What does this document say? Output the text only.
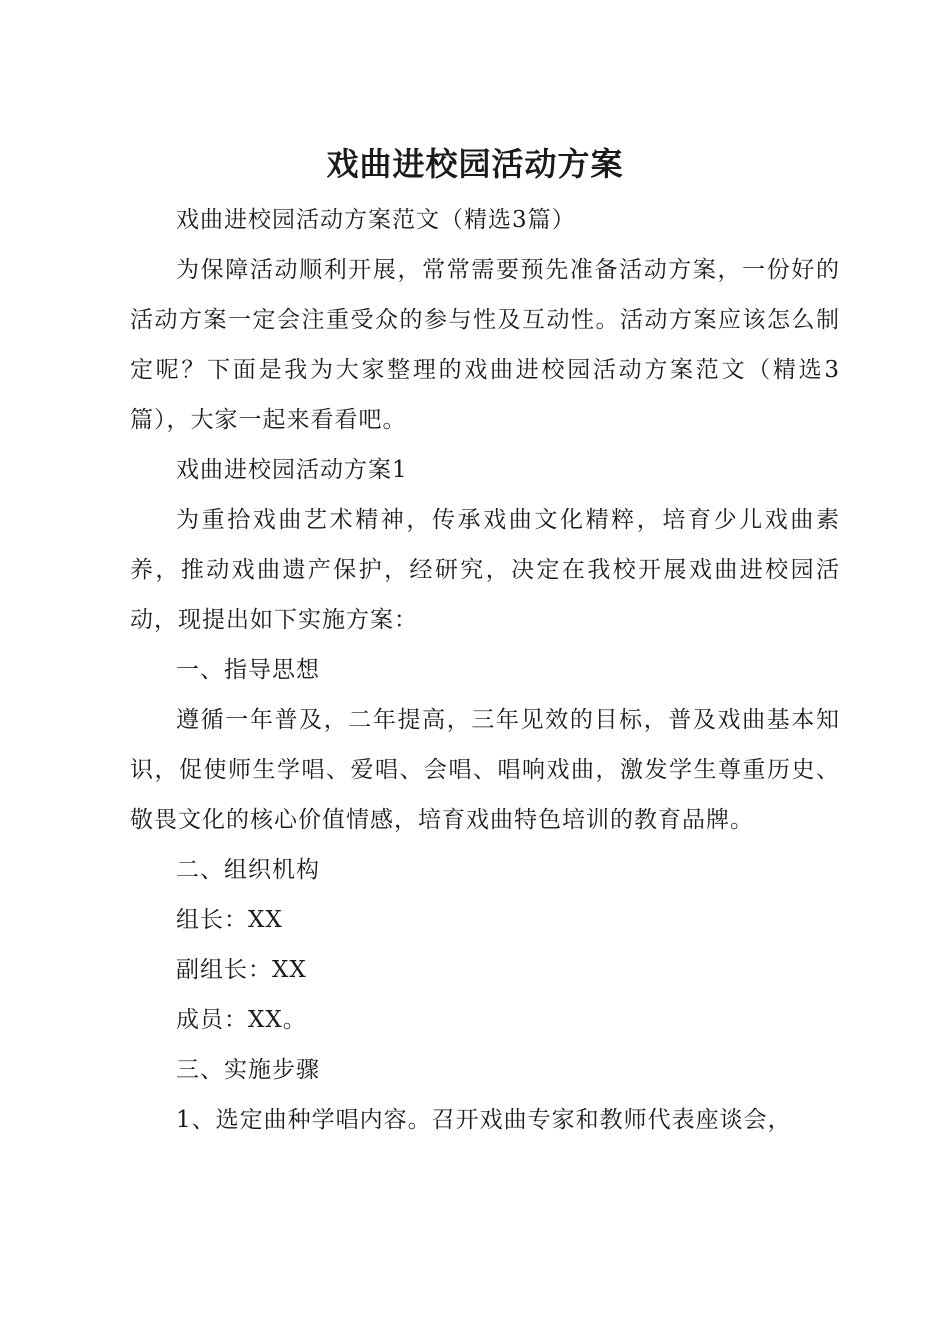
戏曲进校园活动方案

戏曲进校园活动方案范文（精选3篇）

为保障活动顺利开展，常常需要预先准备活动方案，一份好的活动方案一定会注重受众的参与性及互动性。活动方案应该怎么制定呢？下面是我为大家整理的戏曲进校园活动方案范文（精选3篇），大家一起来看看吧。

戏曲进校园活动方案1

为重拾戏曲艺术精神，传承戏曲文化精粹，培育少儿戏曲素养，推动戏曲遗产保护，经研究，决定在我校开展戏曲进校园活动，现提出如下实施方案：

一、指导思想

遵循一年普及，二年提高，三年见效的目标，普及戏曲基本知识，促使师生学唱、爱唱、会唱、唱响戏曲，激发学生尊重历史、敬畏文化的核心价值情感，培育戏曲特色培训的教育品牌。

二、组织机构

组长：XX

副组长：XX

成员：XX。

三、实施步骤

1、选定曲种学唱内容。召开戏曲专家和教师代表座谈会，
